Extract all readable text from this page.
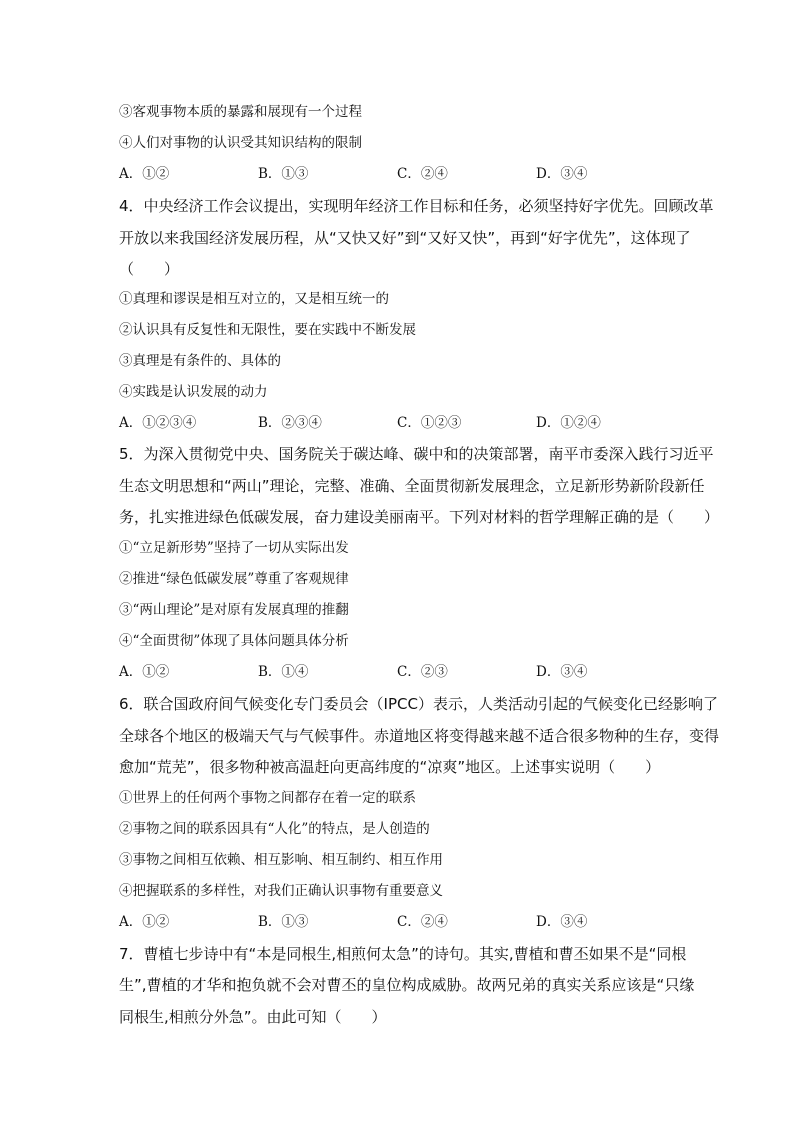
③客观事物本质的暴露和展现有一个过程
④人们对事物的认识受其知识结构的限制
A．①②	B．①③	C．②④	D．③④
4．中央经济工作会议提出，实现明年经济工作目标和任务，必须坚持好字优先。回顾改革
开放以来我国经济发展历程，从“又快又好”到“又好又快”，再到“好字优先”，这体现了
（　　）
①真理和谬误是相互对立的，又是相互统一的
②认识具有反复性和无限性，要在实践中不断发展
③真理是有条件的、具体的
④实践是认识发展的动力
A．①②③④	B．②③④	C．①②③	D．①②④
5．为深入贯彻党中央、国务院关于碳达峰、碳中和的决策部署，南平市委深入践行习近平
生态文明思想和“两山”理论，完整、准确、全面贯彻新发展理念，立足新形势新阶段新任
务，扎实推进绿色低碳发展，奋力建设美丽南平。下列对材料的哲学理解正确的是（　　）
①“立足新形势”坚持了一切从实际出发
②推进“绿色低碳发展”尊重了客观规律
③“两山理论”是对原有发展真理的推翻
④“全面贯彻”体现了具体问题具体分析
A．①②	B．①④	C．②③	D．③④
6．联合国政府间气候变化专门委员会（IPCC）表示，人类活动引起的气候变化已经影响了
全球各个地区的极端天气与气候事件。赤道地区将变得越来越不适合很多物种的生存，变得
愈加“荒芜”，很多物种被高温赶向更高纬度的“凉爽”地区。上述事实说明（　　）
①世界上的任何两个事物之间都存在着一定的联系
②事物之间的联系因具有“人化”的特点，是人创造的
③事物之间相互依赖、相互影响、相互制约、相互作用
④把握联系的多样性，对我们正确认识事物有重要意义
A．①②	B．①③	C．②④	D．③④
7．曹植七步诗中有“本是同根生,相煎何太急”的诗句。其实,曹植和曹丕如果不是“同根
生”,曹植的才华和抱负就不会对曹丕的皇位构成威胁。故两兄弟的真实关系应该是“只缘
同根生,相煎分外急”。由此可知（　　）
